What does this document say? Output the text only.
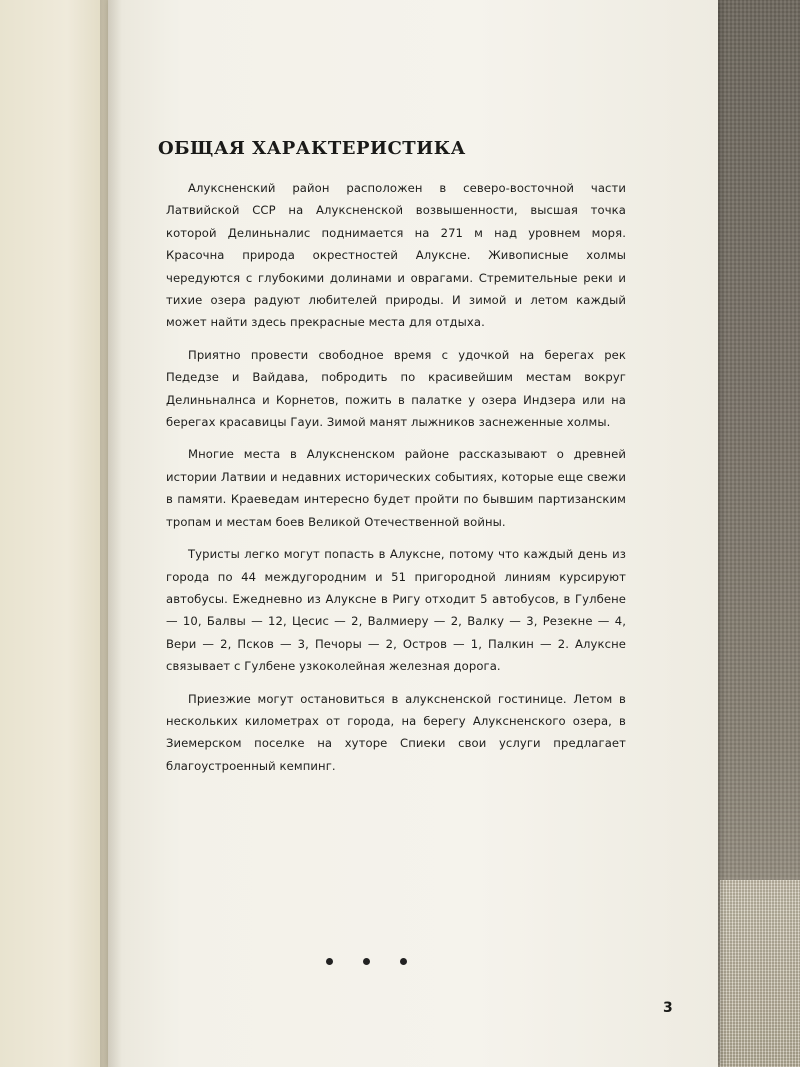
ОБЩАЯ ХАРАКТЕРИСТИКА

Алуксненский район расположен в северо-восточной части Латвийской ССР на Алуксненской возвышенности, высшая точка которой Делиньналис поднимается на 271 м над уровнем моря. Красочна природа окрестностей Алуксне. Живописные холмы чередуются с глубокими долинами и оврагами. Стремительные реки и тихие озера радуют любителей природы. И зимой и летом каждый может найти здесь прекрасные места для отдыха.

Приятно провести свободное время с удочкой на берегах рек Педедзе и Вайдава, побродить по красивейшим местам вокруг Делиньналнса и Корнетов, пожить в палатке у озера Индзера или на берегах красавицы Гауи. Зимой манят лыжников заснеженные холмы.

Многие места в Алуксненском районе рассказывают о древней истории Латвии и недавних исторических событиях, которые еще свежи в памяти. Краеведам интересно будет пройти по бывшим партизанским тропам и местам боев Великой Отечественной войны.

Туристы легко могут попасть в Алуксне, потому что каждый день из города по 44 междугородним и 51 пригородной линиям курсируют автобусы. Ежедневно из Алуксне в Ригу отходит 5 автобусов, в Гулбене — 10, Балвы — 12, Цесис — 2, Валмиеру — 2, Валку — 3, Резекне — 4, Вери — 2, Псков — 3, Печоры — 2, Остров — 1, Палкин — 2. Алуксне связывает с Гулбене узкоколейная железная дорога.

Приезжие могут остановиться в алуксненской гостинице. Летом в нескольких километрах от города, на берегу Алуксненского озера, в Зиемерском поселке на хуторе Спиеки свои услуги предлагает благоустроенный кемпинг.

3
